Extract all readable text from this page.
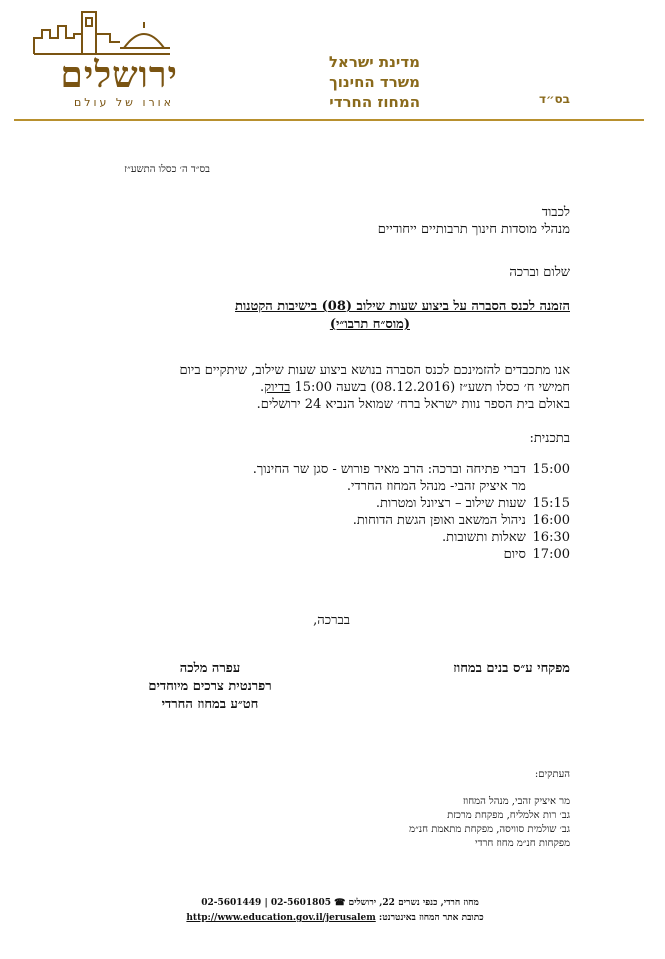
ירושלים
אורו של עולם
מדינת ישראל
משרד החינוך
המחוז החרדי	בס״ד
בס״ד ה׳ כסלו התשע״ז
לכבוד
מנהלי מוסדות חינוך תרבותיים ייחודיים
שלום וברכה
הזמנה לכנס הסברה על ביצוע שעות שילוב (08) בישיבות הקטנות
(מוס״ח תרבו״י)
אנו מתכבדים להזמינכם לכנס הסברה בנושא ביצוע שעות שילוב, שיתקיים ביום
חמישי ח׳ כסלו תשע״ז (08.12.2016) בשעה 15:00 בדיוק.
באולם בית הספר נוות ישראל ברח׳ שמואל הנביא 24 ירושלים.
בתכנית:
15:00 דברי פתיחה וברכה: הרב מאיר פורוש - סגן שר החינוך.
מר איציק זהבי- מנהל המחוז החרדי.
15:15 שעות שילוב – רציונל ומטרות.
16:00 ניהול המשאב ואופן הגשת הדוחות.
16:30 שאלות ותשובות.
17:00 סיום
בברכה,
מפקחי ע״ס בנים במחוז
עפרה מלכה
רפרנטית צרכים מיוחדים
חט״ע במחוז החרדי
העתקים:
מר איציק זהבי, מנהל המחוז
גב׳ רות אלמליח, מפקחת מרכזת
גב׳ שולמית סוויסה, מפקחת מתאמת חנ״מ
מפקחות חנ״מ מחוז חרדי
02-5601449 | 02-5601805 ☎ מחוז חרדי, כנפי נשרים 22, ירושלים
http://www.education.gov.il/jerusalem כתובת אתר המחוז באינטרנט:
